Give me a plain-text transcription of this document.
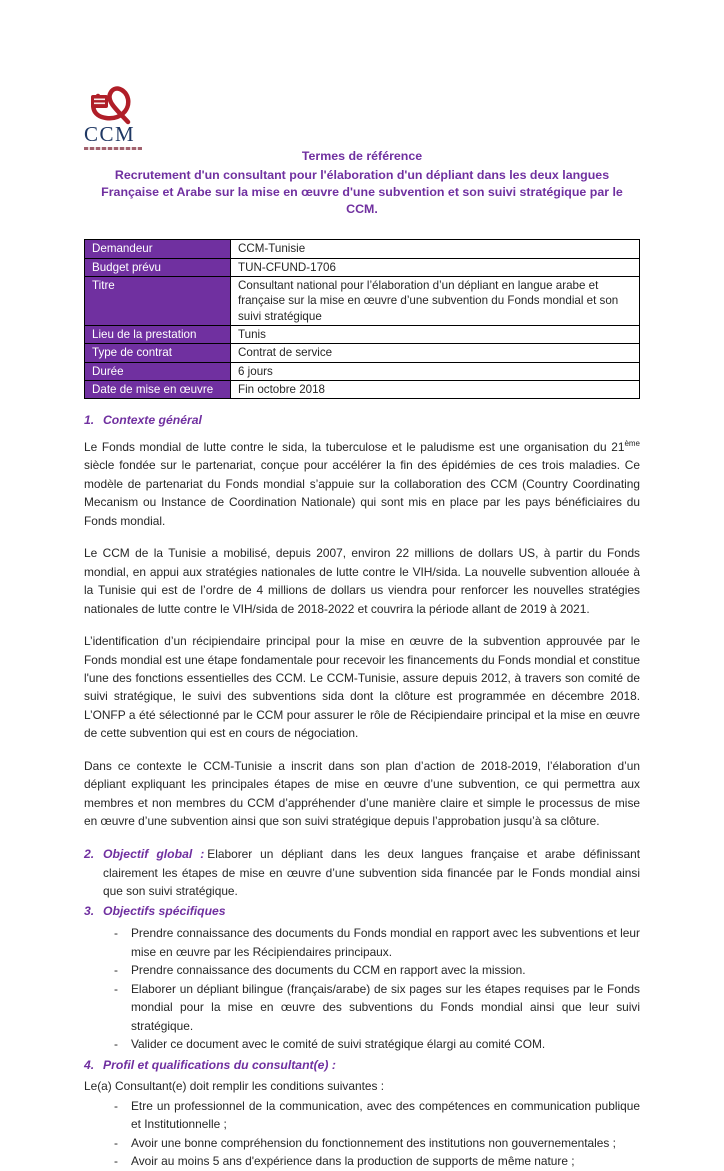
CCM
Termes de référence
Recrutement d'un consultant pour l'élaboration d'un dépliant dans les deux langues Française et Arabe sur la mise en œuvre d'une subvention et son suivi stratégique par le CCM.
Demandeur	CCM-Tunisie
Budget prévu	TUN-CFUND-1706
Titre	Consultant national pour l’élaboration d’un dépliant en langue arabe et française sur la mise en œuvre d’une subvention du Fonds mondial et son suivi stratégique
Lieu de la prestation	Tunis
Type de contrat	Contrat de service
Durée	6 jours
Date de mise en œuvre	Fin octobre 2018
1. Contexte général

Le Fonds mondial de lutte contre le sida, la tuberculose et le paludisme est une organisation du 21ème siècle fondée sur le partenariat, conçue pour accélérer la fin des épidémies de ces trois maladies. Ce modèle de partenariat du Fonds mondial s’appuie sur la collaboration des CCM (Country Coordinating Mecanism ou Instance de Coordination Nationale) qui sont mis en place par les pays bénéficiaires du Fonds mondial.

Le CCM de la Tunisie a mobilisé, depuis 2007, environ 22 millions de dollars US, à partir du Fonds mondial, en appui aux stratégies nationales de lutte contre le VIH/sida. La nouvelle subvention allouée à la Tunisie qui est de l’ordre de 4 millions de dollars us viendra pour renforcer les nouvelles stratégies nationales de lutte contre le VIH/sida de 2018-2022 et couvrira la période allant de 2019 à 2021.

L’identification d’un récipiendaire principal pour la mise en œuvre de la subvention approuvée par le Fonds mondial est une étape fondamentale pour recevoir les financements du Fonds mondial et constitue l'une des fonctions essentielles des CCM. Le CCM-Tunisie, assure depuis 2012, à travers son comité de suivi stratégique, le suivi des subventions sida dont la clôture est programmée en décembre 2018. L’ONFP a été sélectionné par le CCM pour assurer le rôle de Récipiendaire principal et la mise en œuvre de cette subvention qui est en cours de négociation.

Dans ce contexte le CCM-Tunisie a inscrit dans son plan d’action de 2018-2019, l’élaboration d’un dépliant expliquant les principales étapes de mise en œuvre d’une subvention, ce qui permettra aux membres et non membres du CCM d’appréhender d’une manière claire et simple le processus de mise en œuvre d’une subvention ainsi que son suivi stratégique depuis l’approbation jusqu’à sa clôture.

2. Objectif global : Elaborer un dépliant dans les deux langues française et arabe définissant clairement les étapes de mise en œuvre d’une subvention sida financée par le Fonds mondial ainsi que son suivi stratégique.
3. Objectifs spécifiques
-	Prendre connaissance des documents du Fonds mondial en rapport avec les subventions et leur mise en œuvre par les Récipiendaires principaux.
-	Prendre connaissance des documents du CCM en rapport avec la mission.
-	Elaborer un dépliant bilingue (français/arabe) de six pages sur les étapes requises par le Fonds mondial pour la mise en œuvre des subventions du Fonds mondial ainsi que leur suivi stratégique.
-	Valider ce document avec le comité de suivi stratégique élargi au comité COM.
4. Profil et qualifications du consultant(e) :
Le(a) Consultant(e) doit remplir les conditions suivantes :
-	Etre un professionnel de la communication, avec des compétences en communication publique et Institutionnelle ;
-	Avoir une bonne compréhension du fonctionnement des institutions non gouvernementales ;
-	Avoir au moins 5 ans d'expérience dans la production de supports de même nature ;
